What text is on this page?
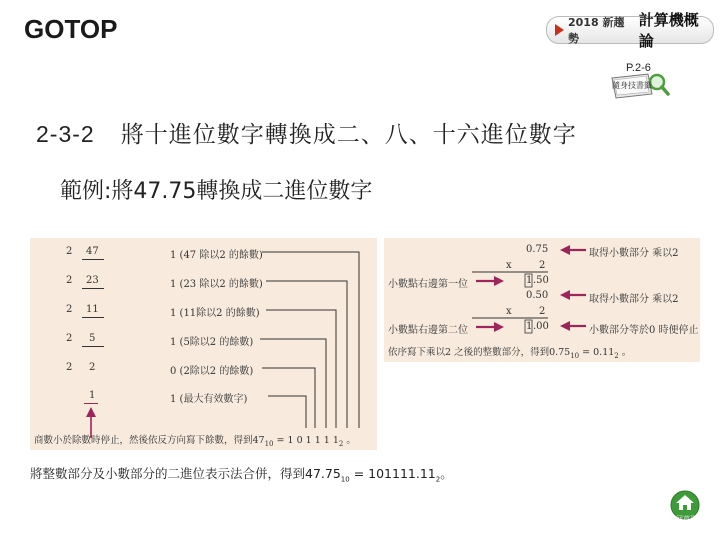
GOTOP	2018 新趨勢
計算機概論
P.2-6
隨身技書籤
2-3-2 將十進位數字轉換成二、八、十六進位數字
範例:將47.75轉換成二進位數字
2 47	1 (47 除以2 的餘數)
2 23	1 (23 除以2 的餘數)
2 11	1 (11除以2 的餘數)
2 5	1 (5除以2 的餘數)
2 2	0 (2除以2 的餘數)
1	1 (最大有效數字)
商數小於除數時停止，然後依反方向寫下餘數，得到$47_{10} = 1$ 0 1 1 1 $1_2$ 。
0.75	取得小數部分 乘以2
x	2
小數點右邊第一位	1 .50
0.50	取得小數部分 乘以2
x	2
小數點右邊第二位	1 .00	小數部分等於0 時便停止
依序寫下乘以2 之後的整數部分，得到$0.75_{10} = 0.11_2$ 。
將整數部分及小數部分的二進位表示法合併，得到$47.75_{10} = 101111.11_2$。
回首頁
